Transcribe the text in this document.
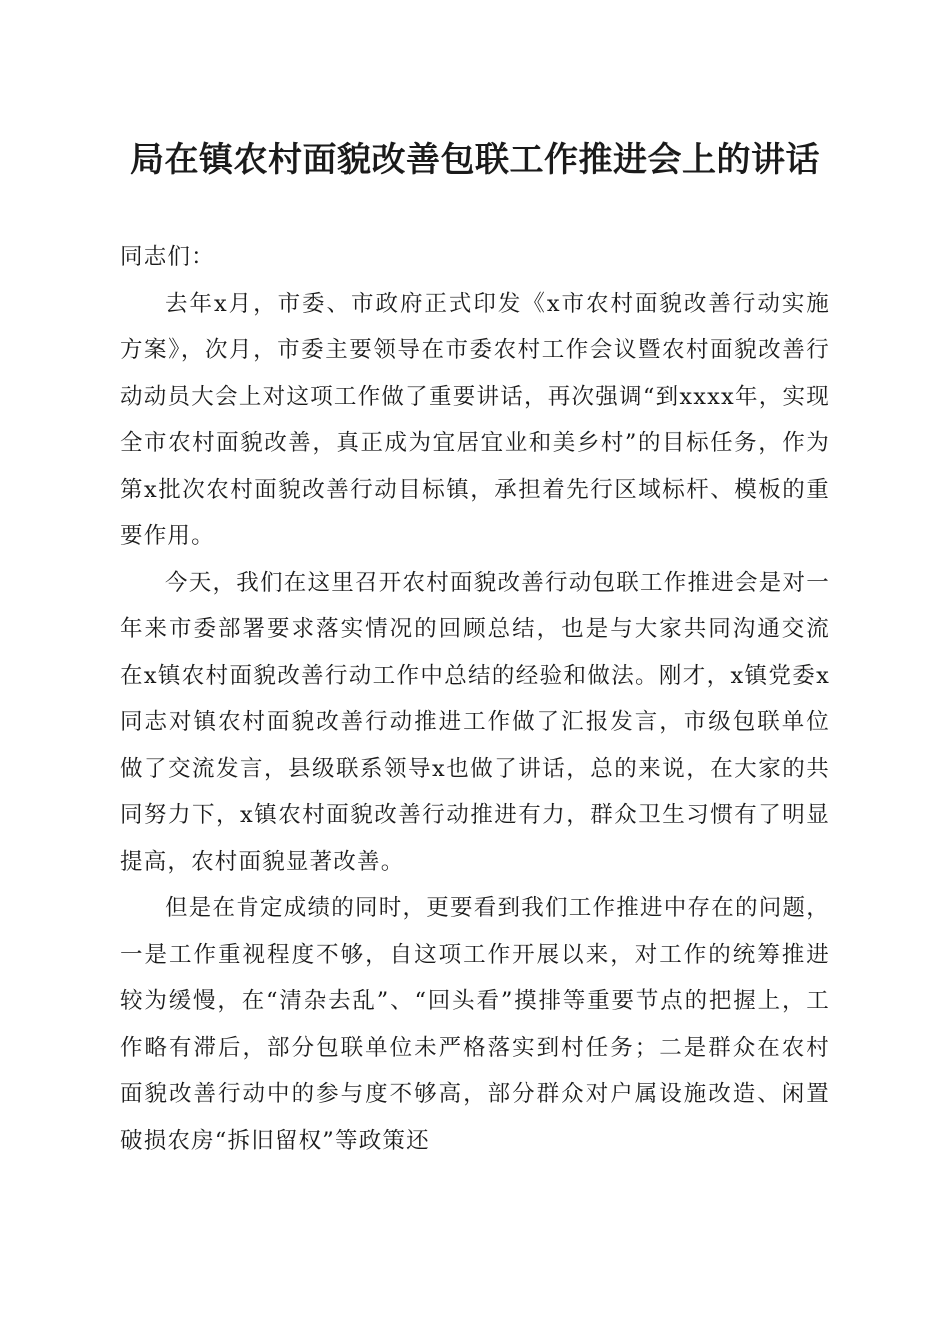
局在镇农村面貌改善包联工作推进会上的讲话

同志们：

去年x月，市委、市政府正式印发《x市农村面貌改善行动实施方案》，次月，市委主要领导在市委农村工作会议暨农村面貌改善行动动员大会上对这项工作做了重要讲话，再次强调“到xxxx年，实现全市农村面貌改善，真正成为宜居宜业和美乡村”的目标任务，作为第x批次农村面貌改善行动目标镇，承担着先行区域标杆、模板的重要作用。

今天，我们在这里召开农村面貌改善行动包联工作推进会是对一年来市委部署要求落实情况的回顾总结，也是与大家共同沟通交流在x镇农村面貌改善行动工作中总结的经验和做法。刚才，x镇党委x同志对镇农村面貌改善行动推进工作做了汇报发言，市级包联单位做了交流发言，县级联系领导x也做了讲话，总的来说，在大家的共同努力下，x镇农村面貌改善行动推进有力，群众卫生习惯有了明显提高，农村面貌显著改善。

但是在肯定成绩的同时，更要看到我们工作推进中存在的问题，一是工作重视程度不够，自这项工作开展以来，对工作的统筹推进较为缓慢，在“清杂去乱”、“回头看”摸排等重要节点的把握上，工作略有滞后，部分包联单位未严格落实到村任务；二是群众在农村面貌改善行动中的参与度不够高，部分群众对户属设施改造、闲置破损农房“拆旧留权”等政策还
